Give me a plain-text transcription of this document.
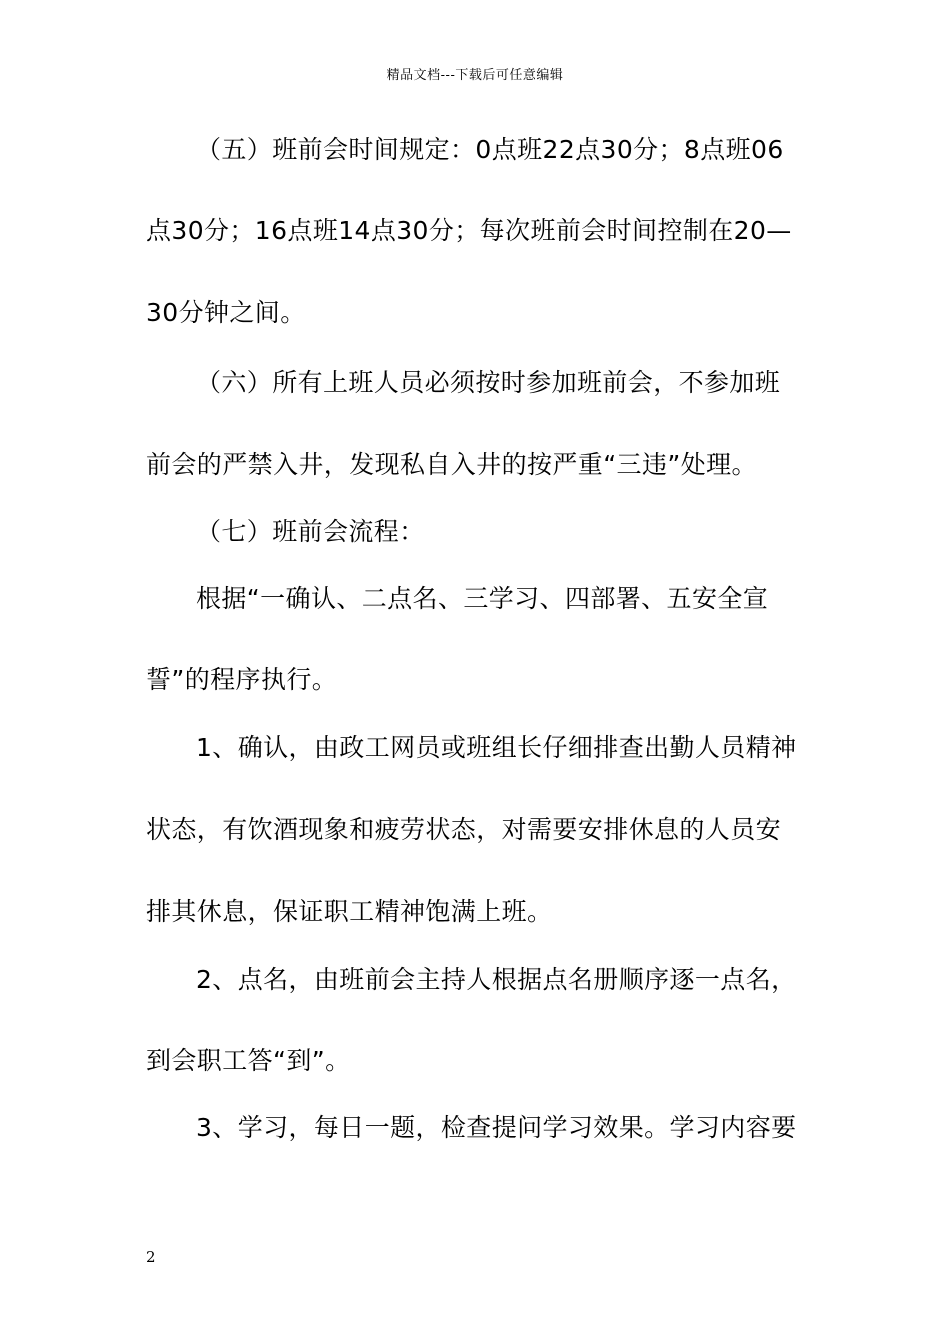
精品文档---下载后可任意编辑
（五）班前会时间规定：0点班22点30分；8点班06
点30分；16点班14点30分；每次班前会时间控制在20—
30分钟之间。
（六）所有上班人员必须按时参加班前会，不参加班
前会的严禁入井，发现私自入井的按严重“三违”处理。
（七）班前会流程：
根据“一确认、二点名、三学习、四部署、五安全宣
誓”的程序执行。
1、确认，由政工网员或班组长仔细排查出勤人员精神
状态，有饮酒现象和疲劳状态，对需要安排休息的人员安
排其休息，保证职工精神饱满上班。
2、点名，由班前会主持人根据点名册顺序逐一点名，
到会职工答“到”。
3、学习，每日一题，检查提问学习效果。学习内容要
2
